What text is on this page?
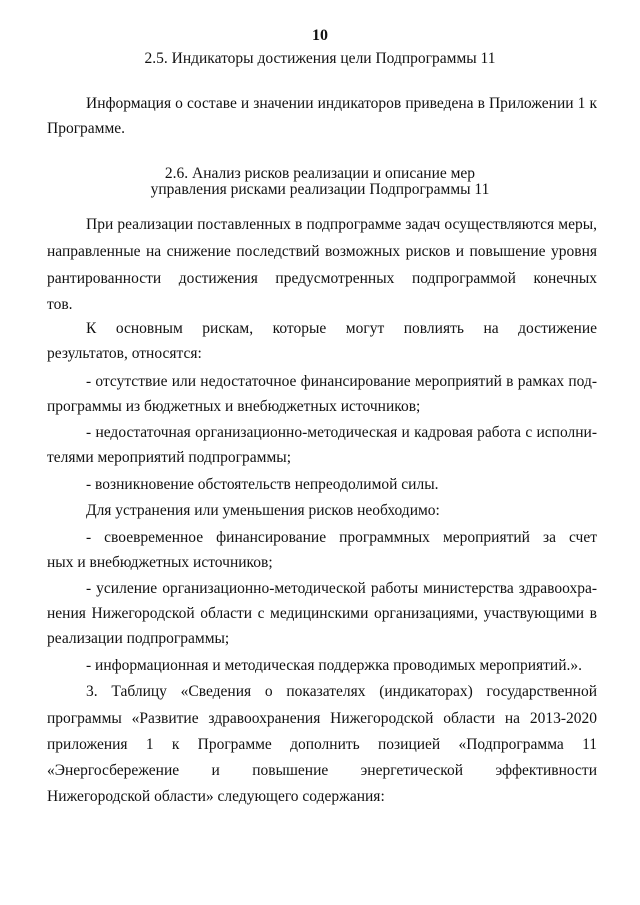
10
2.5. Индикаторы достижения цели Подпрограммы 11
Информация о составе и значении индикаторов приведена в Приложении 1 к
Программе.
2.6. Анализ рисков реализации и описание мер
управления рисками реализации Подпрограммы 11
При реализации поставленных в подпрограмме задач осуществляются меры,
направленные на снижение последствий возможных рисков и повышение уровня
рантированности достижения предусмотренных подпрограммой конечных
тов.
К основным рискам, которые могут повлиять на достижение
результатов, относятся:
- отсутствие или недостаточное финансирование мероприятий в рамках под-
программы из бюджетных и внебюджетных источников;
- недостаточная организационно-методическая и кадровая работа с исполни-
телями мероприятий подпрограммы;
- возникновение обстоятельств непреодолимой силы.
Для устранения или уменьшения рисков необходимо:
- своевременное финансирование программных мероприятий за счет
ных и внебюджетных источников;
- усиление организационно-методической работы министерства здравоохра-
нения Нижегородской области с медицинскими организациями, участвующими в
реализации подпрограммы;
- информационная и методическая поддержка проводимых мероприятий.».
3. Таблицу «Сведения о показателях (индикаторах) государственной
программы «Развитие здравоохранения Нижегородской области на 2013-2020
приложения 1 к Программе дополнить позицией «Подпрограмма 11
«Энергосбережение и повышение энергетической эффективности
Нижегородской области» следующего содержания:
